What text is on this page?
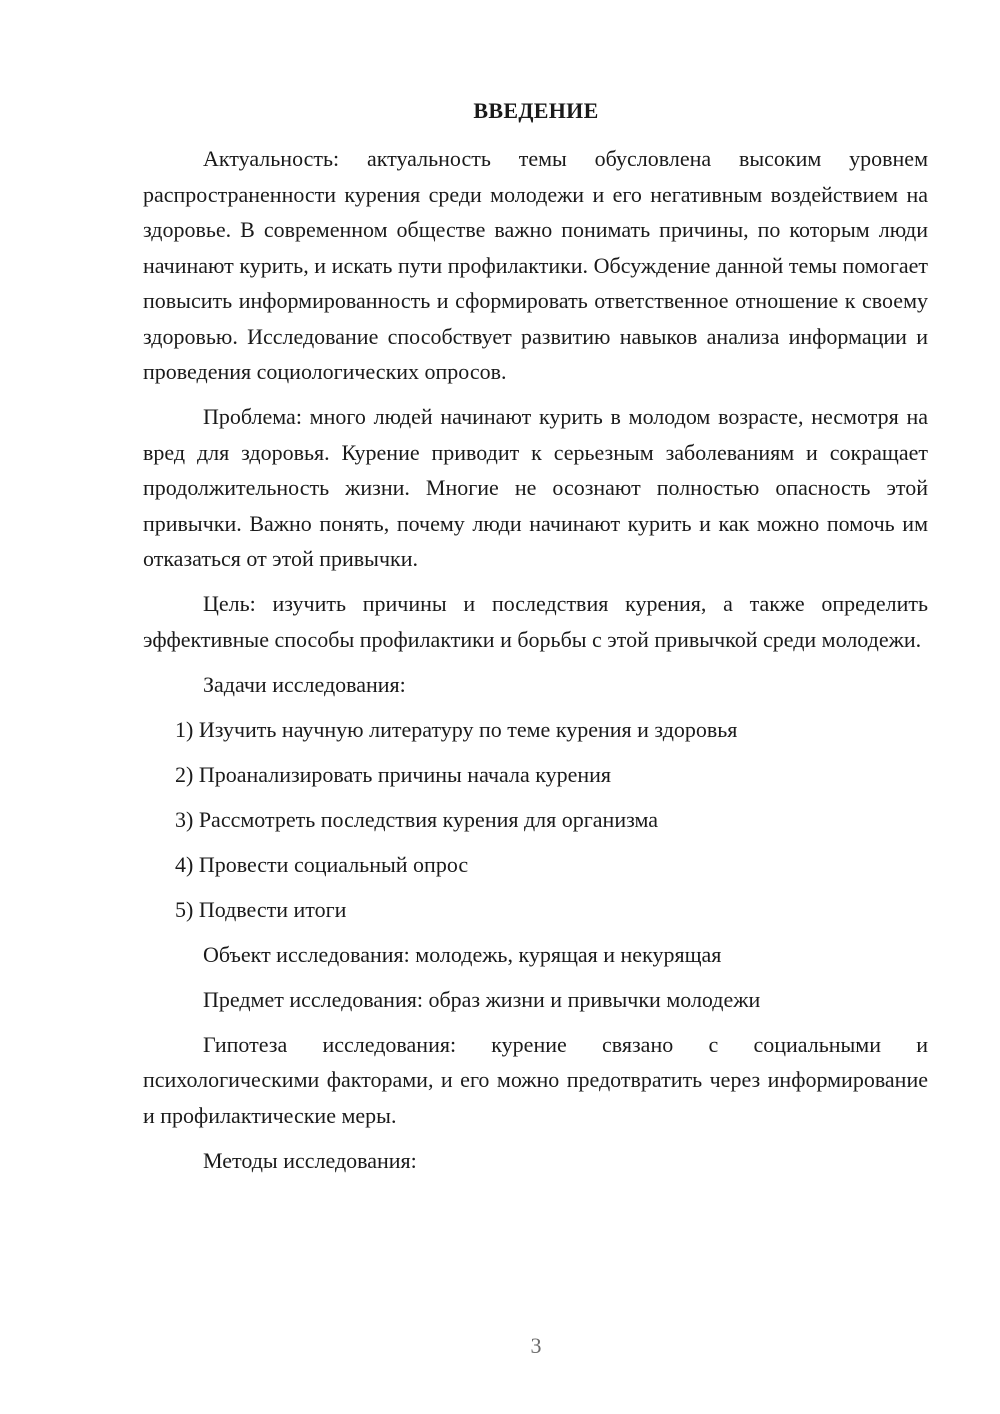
ВВЕДЕНИЕ

Актуальность: актуальность темы обусловлена высоким уровнем распространенности курения среди молодежи и его негативным воздействием на здоровье. В современном обществе важно понимать причины, по которым люди начинают курить, и искать пути профилактики. Обсуждение данной темы помогает повысить информированность и сформировать ответственное отношение к своему здоровью. Исследование способствует развитию навыков анализа информации и проведения социологических опросов.

Проблема: много людей начинают курить в молодом возрасте, несмотря на вред для здоровья. Курение приводит к серьезным заболеваниям и сокращает продолжительность жизни. Многие не осознают полностью опасность этой привычки. Важно понять, почему люди начинают курить и как можно помочь им отказаться от этой привычки.

Цель: изучить причины и последствия курения, а также определить эффективные способы профилактики и борьбы с этой привычкой среди молодежи.

Задачи исследования:

1) Изучить научную литературу по теме курения и здоровья
2) Проанализировать причины начала курения
3) Рассмотреть последствия курения для организма
4) Провести социальный опрос
5) Подвести итоги

Объект исследования: молодежь, курящая и некурящая

Предмет исследования: образ жизни и привычки молодежи

Гипотеза исследования: курение связано с социальными и психологическими факторами, и его можно предотвратить через информирование и профилактические меры.

Методы исследования:

3
